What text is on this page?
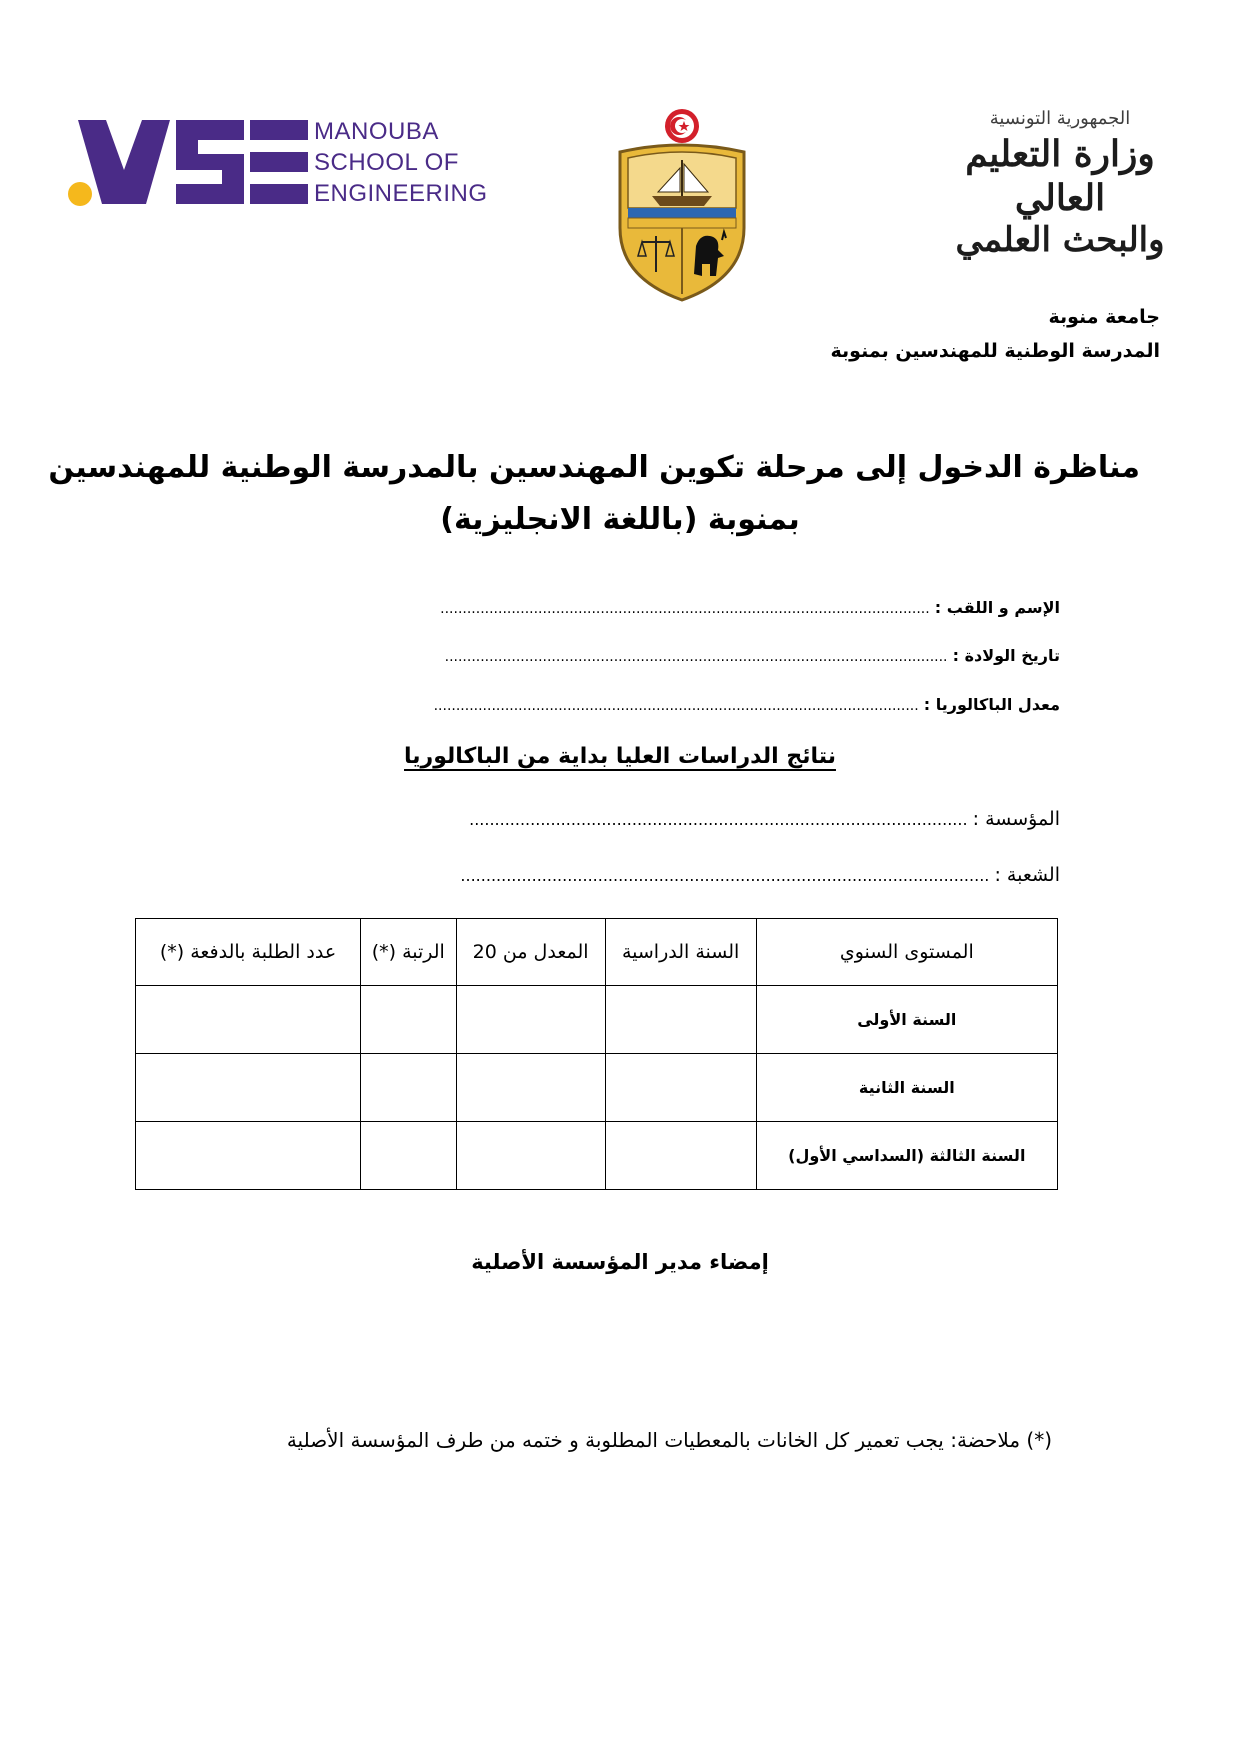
MANOUBA
SCHOOL OF
ENGINEERING
الجمهورية التونسية
وزارة التعليم العالي
والبحث العلمي
جامعة منوبة
المدرسة الوطنية للمهندسين بمنوبة
مناظرة الدخول إلى مرحلة تكوين المهندسين بالمدرسة الوطنية للمهندسين
بمنوبة (باللغة الانجليزية)
الإسم و اللقب : ..............................................................................................................
تاريخ الولادة : .................................................................................................................
معدل الباكالوريا : .............................................................................................................
نتائج الدراسات العليا بداية من الباكالوريا
المؤسسة : ..................................................................................................
الشعبة : ........................................................................................................
المستوى السنوي	السنة الدراسية	المعدل من 20	الرتبة (*)	عدد الطلبة بالدفعة (*)
السنة الأولى				
السنة الثانية				
السنة الثالثة (السداسي الأول)				
إمضاء مدير المؤسسة الأصلية
(*) ملاحضة: يجب تعمير كل الخانات بالمعطيات المطلوبة و ختمه من طرف المؤسسة الأصلية
